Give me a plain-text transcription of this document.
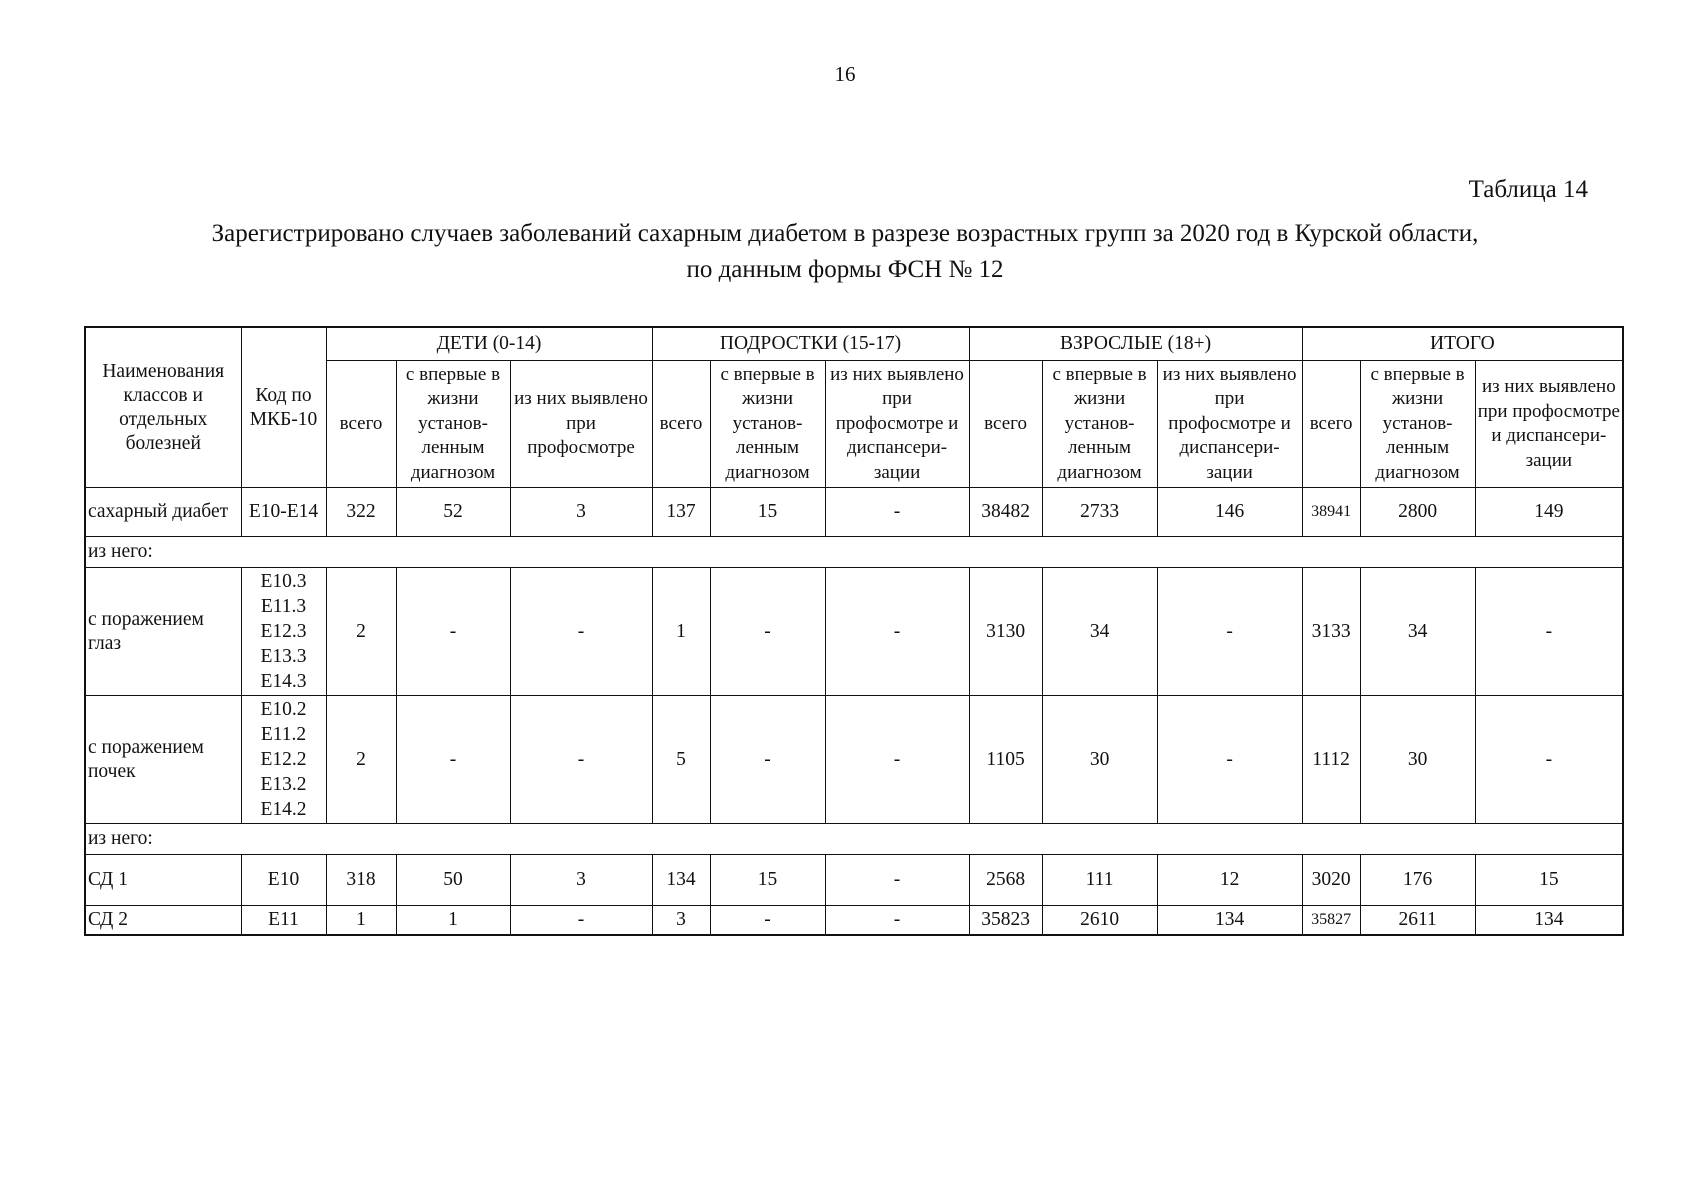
16
Таблица 14
Зарегистрировано случаев заболеваний сахарным диабетом в разрезе возрастных групп за 2020 год в Курской области,
по данным формы ФСН № 12
Наименования классов и отдельных болезней	Код по МКБ-10	ДЕТИ (0-14)			ПОДРОСТКИ (15-17)			ВЗРОСЛЫЕ (18+)			ИТОГО		
		всего	с впервые в жизни установ-ленным диагнозом	из них выявлено при профосмотре	всего	с впервые в жизни установ-ленным диагнозом	из них выявлено при профосмотре и диспансери-зации	всего	с впервые в жизни установ-ленным диагнозом	из них выявлено при профосмотре и диспансери-зации	всего	с впервые в жизни установ-ленным диагнозом	из них выявлено при профосмотре и диспансери-зации
сахарный диабет	Е10-Е14	322	52	3	137	15	-	38482	2733	146	38941	2800	149
из него:													
с поражением глаз	Е10.3
Е11.3
Е12.3
Е13.3
Е14.3	2	-	-	1	-	-	3130	34	-	3133	34	-
с поражением почек	Е10.2
Е11.2
Е12.2
Е13.2
Е14.2	2	-	-	5	-	-	1105	30	-	1112	30	-
из него:													
СД 1	Е10	318	50	3	134	15	-	2568	111	12	3020	176	15
СД 2	Е11	1	1	-	3	-	-	35823	2610	134	35827	2611	134
